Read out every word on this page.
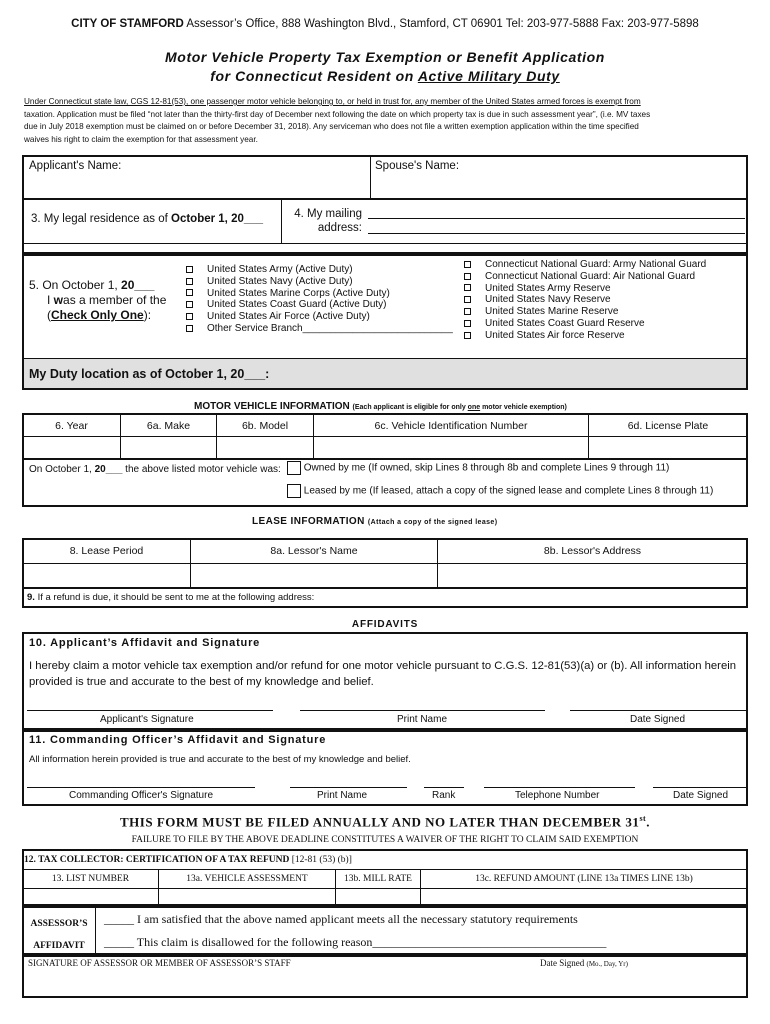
CITY OF STAMFORD Assessor’s Office, 888 Washington Blvd., Stamford, CT 06901 Tel: 203-977-5888 Fax: 203-977-5898
Motor Vehicle Property Tax Exemption or Benefit Application
for Connecticut Resident on Active Military Duty
Under Connecticut state law, CGS 12-81(53), one passenger motor vehicle belonging to, or held in trust for, any member of the United States armed forces is exempt from
taxation. Application must be filed “not later than the thirty-first day of December next following the date on which property tax is due in such assessment year”, (i.e. MV taxes
due in July 2018 exemption must be claimed on or before December 31, 2018). Any serviceman who does not file a written exemption application within the time specified
waives his right to claim the exemption for that assessment year.
Applicant's Name:	Spouse's Name:
3. My legal residence as of October 1, 20___	4. My mailing
address:
5. On October 1, 20___
I was a member of the
(Check Only One):
United States Army (Active Duty)
United States Navy (Active Duty)
United States Marine Corps (Active Duty)
United States Coast Guard (Active Duty)
United States Air Force (Active Duty)
Other Service Branch___________________________
Connecticut National Guard: Army National Guard
Connecticut National Guard: Air National Guard
United States Army Reserve
United States Navy Reserve
United States Marine Reserve
United States Coast Guard Reserve
United States Air force Reserve
My Duty location as of October 1, 20___:
MOTOR VEHICLE INFORMATION (Each applicant is eligible for only one motor vehicle exemption)
6. Year	6a. Make	6b. Model	6c. Vehicle Identification Number	6d. License Plate
On October 1, 20___ the above listed motor vehicle was:	Owned by me (If owned, skip Lines 8 through 8b and complete Lines 9 through 11)
Leased by me (If leased, attach a copy of the signed lease and complete Lines 8 through 11)
LEASE INFORMATION (Attach a copy of the signed lease)
8. Lease Period	8a. Lessor's Name	8b. Lessor's Address
9. If a refund is due, it should be sent to me at the following address:
AFFIDAVITS
10. Applicant’s Affidavit and Signature
I hereby claim a motor vehicle tax exemption and/or refund for one motor vehicle pursuant to C.G.S. 12-81(53)(a) or (b). All information herein
provided is true and accurate to the best of my knowledge and belief.
Applicant's Signature	Print Name	Date Signed
11. Commanding Officer’s Affidavit and Signature
All information herein provided is true and accurate to the best of my knowledge and belief.
Commanding Officer's Signature	Print Name	Rank	Telephone Number	Date Signed
THIS FORM MUST BE FILED ANNUALLY AND NO LATER THAN DECEMBER 31st.
FAILURE TO FILE BY THE ABOVE DEADLINE CONSTITUTES A WAIVER OF THE RIGHT TO CLAIM SAID EXEMPTION
12. TAX COLLECTOR: CERTIFICATION OF A TAX REFUND [12-81 (53) (b)]
13. LIST NUMBER	13a. VEHICLE ASSESSMENT	13b. MILL RATE	13c. REFUND AMOUNT (LINE 13a TIMES LINE 13b)
ASSESSOR’S
AFFIDAVIT
_____ I am satisfied that the above named applicant meets all the necessary statutory requirements
_____ This claim is disallowed for the following reason_______________________________________
SIGNATURE OF ASSESSOR OR MEMBER OF ASSESSOR’S STAFF	Date Signed (Mo., Day, Yr)
